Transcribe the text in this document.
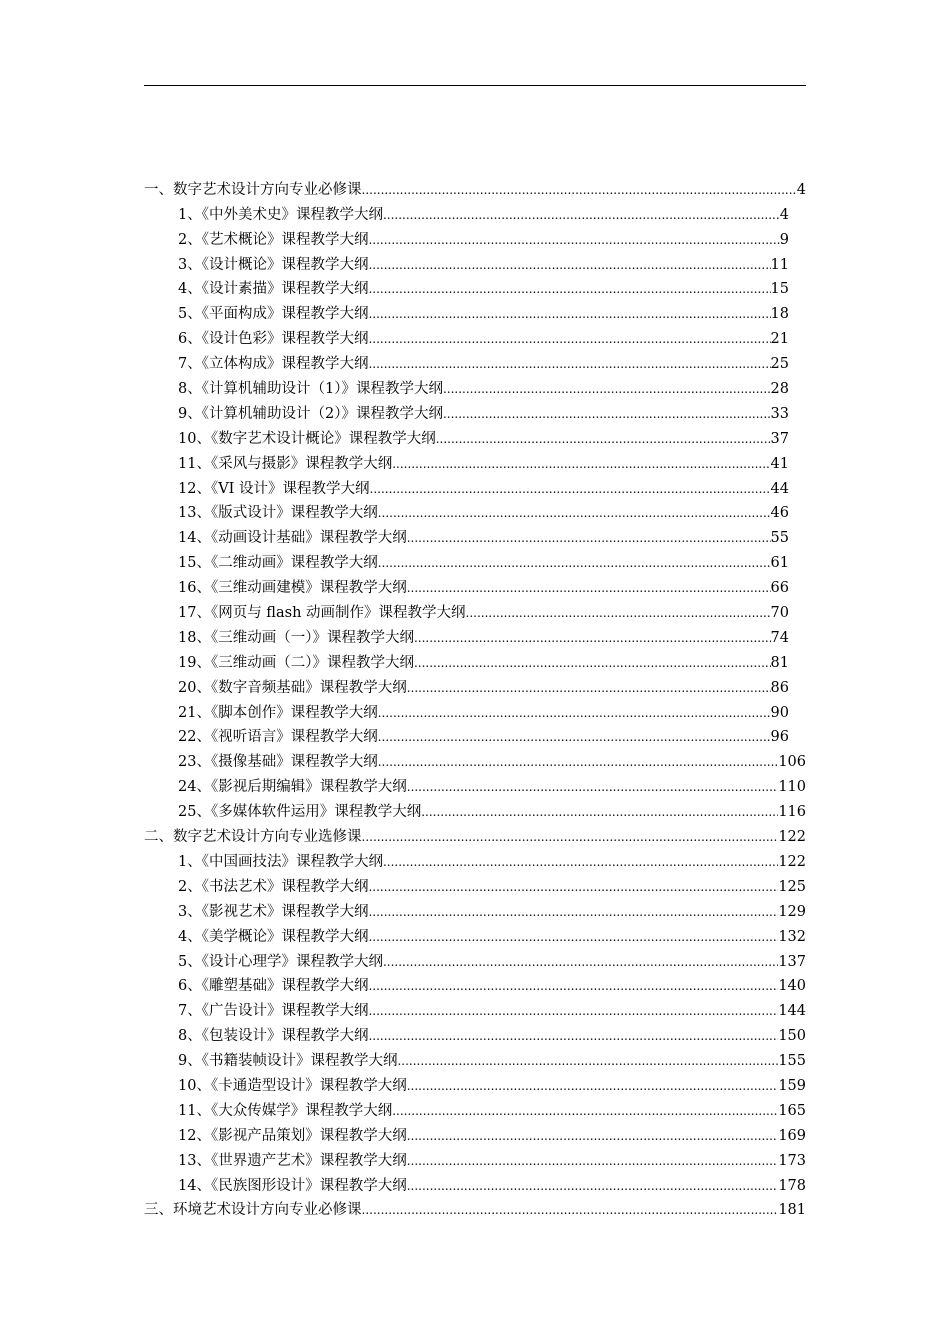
一、数字艺术设计方向专业必修课 .....	4
1、《中外美术史》课程教学大纲 .....	4
2、《艺术概论》课程教学大纲 .....	9
3、《设计概论》课程教学大纲 .....	11
4、《设计素描》课程教学大纲 .....	15
5、《平面构成》课程教学大纲 .....	18
6、《设计色彩》课程教学大纲 .....	21
7、《立体构成》课程教学大纲 .....	25
8、《计算机辅助设计（1）》课程教学大纲 .....	28
9、《计算机辅助设计（2）》课程教学大纲 .....	33
10、《数字艺术设计概论》课程教学大纲 .....	37
11、《采风与摄影》课程教学大纲 .....	41
12、《VI 设计》课程教学大纲 .....	44
13、《版式设计》课程教学大纲 .....	46
14、《动画设计基础》课程教学大纲 .....	55
15、《二维动画》课程教学大纲 .....	61
16、《三维动画建模》课程教学大纲 .....	66
17、《网页与 flash 动画制作》课程教学大纲 .....	70
18、《三维动画（一）》课程教学大纲 .....	74
19、《三维动画（二）》课程教学大纲 .....	81
20、《数字音频基础》课程教学大纲 .....	86
21、《脚本创作》课程教学大纲 .....	90
22、《视听语言》课程教学大纲 .....	96
23、《摄像基础》课程教学大纲 .....	106
24、《影视后期编辑》课程教学大纲 .....	110
25、《多媒体软件运用》课程教学大纲 .....	116
二、数字艺术设计方向专业选修课 .....	122
1、《中国画技法》课程教学大纲 .....	122
2、《书法艺术》课程教学大纲 .....	125
3、《影视艺术》课程教学大纲 .....	129
4、《美学概论》课程教学大纲 .....	132
5、《设计心理学》课程教学大纲 .....	137
6、《雕塑基础》课程教学大纲 .....	140
7、《广告设计》课程教学大纲 .....	144
8、《包装设计》课程教学大纲 .....	150
9、《书籍装帧设计》课程教学大纲 .....	155
10、《卡通造型设计》课程教学大纲 .....	159
11、《大众传媒学》课程教学大纲 .....	165
12、《影视产品策划》课程教学大纲 .....	169
13、《世界遗产艺术》课程教学大纲 .....	173
14、《民族图形设计》课程教学大纲 .....	178
三、环境艺术设计方向专业必修课 .....	181
